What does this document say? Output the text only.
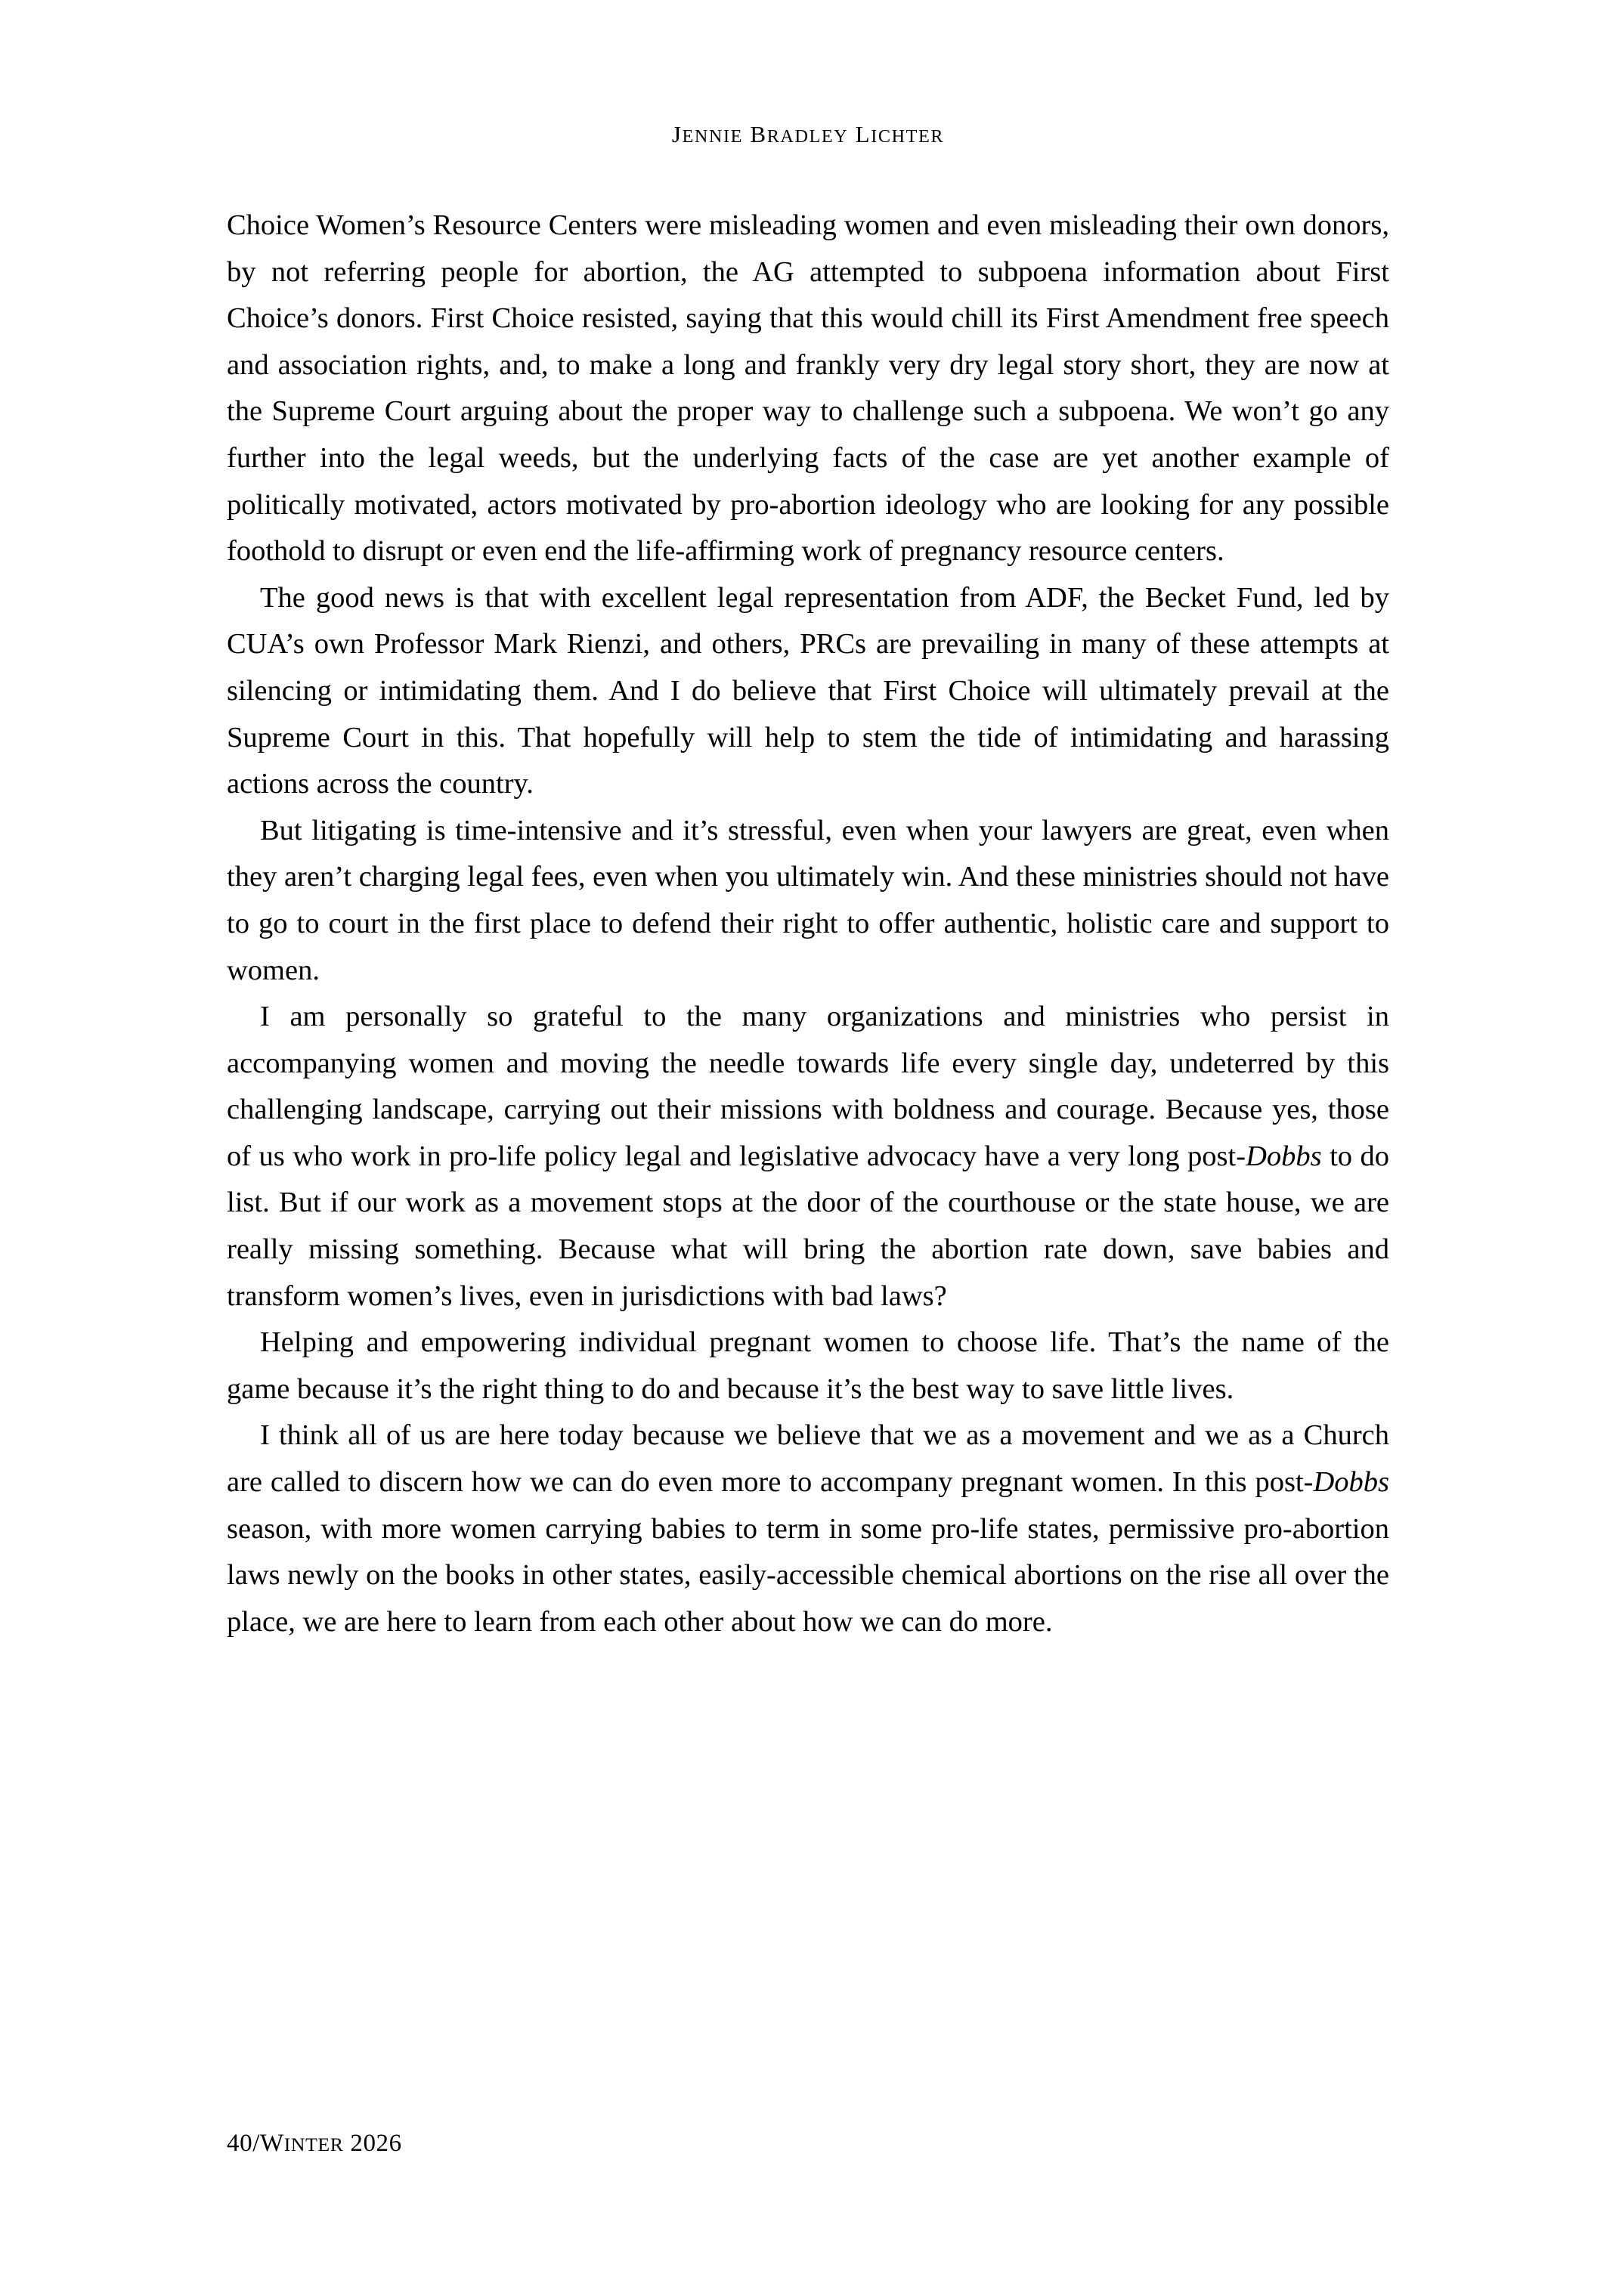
JENNIE BRADLEY LICHTER

Choice Women’s Resource Centers were misleading women and even misleading their own donors, by not referring people for abortion, the AG attempted to subpoena information about First Choice’s donors. First Choice resisted, saying that this would chill its First Amendment free speech and association rights, and, to make a long and frankly very dry legal story short, they are now at the Supreme Court arguing about the proper way to challenge such a subpoena. We won’t go any further into the legal weeds, but the underlying facts of the case are yet another example of politically motivated, actors motivated by pro-abortion ideology who are looking for any possible foothold to disrupt or even end the life-affirming work of pregnancy resource centers.

The good news is that with excellent legal representation from ADF, the Becket Fund, led by CUA’s own Professor Mark Rienzi, and others, PRCs are prevailing in many of these attempts at silencing or intimidating them. And I do believe that First Choice will ultimately prevail at the Supreme Court in this. That hopefully will help to stem the tide of intimidating and harassing actions across the country.

But litigating is time-intensive and it’s stressful, even when your lawyers are great, even when they aren’t charging legal fees, even when you ultimately win. And these ministries should not have to go to court in the first place to defend their right to offer authentic, holistic care and support to women.

I am personally so grateful to the many organizations and ministries who persist in accompanying women and moving the needle towards life every single day, undeterred by this challenging landscape, carrying out their missions with boldness and courage. Because yes, those of us who work in pro-life policy legal and legislative advocacy have a very long post-Dobbs to do list. But if our work as a movement stops at the door of the courthouse or the state house, we are really missing something. Because what will bring the abortion rate down, save babies and transform women’s lives, even in jurisdictions with bad laws?

Helping and empowering individual pregnant women to choose life. That’s the name of the game because it’s the right thing to do and because it’s the best way to save little lives.

I think all of us are here today because we believe that we as a movement and we as a Church are called to discern how we can do even more to accompany pregnant women. In this post-Dobbs season, with more women carrying babies to term in some pro-life states, permissive pro-abortion laws newly on the books in other states, easily-accessible chemical abortions on the rise all over the place, we are here to learn from each other about how we can do more.

40/WINTER 2026
